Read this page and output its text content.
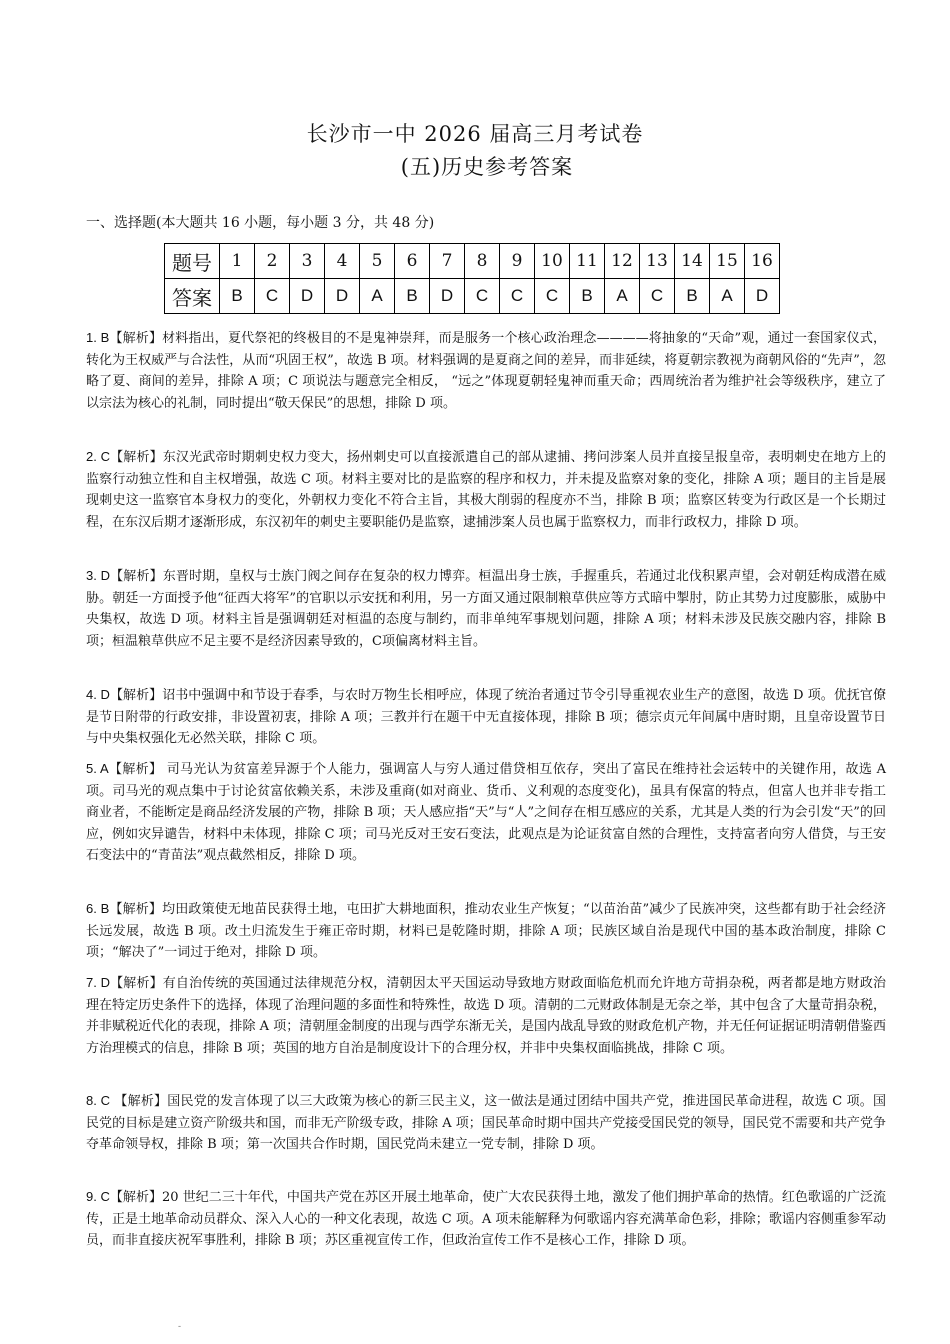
长沙市一中 2026 届高三月考试卷
(五)历史参考答案
一、选择题(本大题共 16 小题，每小题 3 分，共 48 分)
题号	1	2	3	4	5	6	7	8	9	10	11	12	13	14	15	16
答案	B	C	D	D	A	B	D	C	C	C	B	A	C	B	A	D
1. B【解析】材料指出，夏代祭祀的终极目的不是鬼神崇拜，而是服务一个核心政治理念————将抽象的“天命”观，通过一套国家仪式，转化为王权威严与合法性，从而“巩固王权”，故选 B 项。材料强调的是夏商之间的差异，而非延续，将夏朝宗教视为商朝风俗的“先声”，忽略了夏、商间的差异，排除 A 项；C 项说法与题意完全相反， “远之”体现夏朝轻鬼神而重天命；西周统治者为维护社会等级秩序，建立了以宗法为核心的礼制，同时提出“敬天保民”的思想，排除 D 项。
2. C【解析】东汉光武帝时期刺史权力变大，扬州刺史可以直接派遣自己的部从逮捕、拷问涉案人员并直接呈报皇帝，表明刺史在地方上的监察行动独立性和自主权增强，故选 C 项。材料主要对比的是监察的程序和权力，并未提及监察对象的变化，排除 A 项；题目的主旨是展现刺史这一监察官本身权力的变化，外朝权力变化不符合主旨，其极大削弱的程度亦不当，排除 B 项；监察区转变为行政区是一个长期过程，在东汉后期才逐渐形成，东汉初年的刺史主要职能仍是监察，逮捕涉案人员也属于监察权力，而非行政权力，排除 D 项。
3. D【解析】东晋时期，皇权与士族门阀之间存在复杂的权力博弈。桓温出身士族，手握重兵，若通过北伐积累声望，会对朝廷构成潜在威胁。朝廷一方面授予他“征西大将军”的官职以示安抚和利用，另一方面又通过限制粮草供应等方式暗中掣肘，防止其势力过度膨胀，威胁中央集权，故选 D 项。材料主旨是强调朝廷对桓温的态度与制约，而非单纯军事规划问题，排除 A 项；材料未涉及民族交融内容，排除 B 项；桓温粮草供应不足主要不是经济因素导致的，C项偏离材料主旨。
4. D【解析】诏书中强调中和节设于春季，与农时万物生长相呼应，体现了统治者通过节令引导重视农业生产的意图，故选 D 项。优抚官僚是节日附带的行政安排，非设置初衷，排除 A 项；三教并行在题干中无直接体现，排除 B 项；德宗贞元年间属中唐时期，且皇帝设置节日与中央集权强化无必然关联，排除 C 项。
5. A【解析】 司马光认为贫富差异源于个人能力，强调富人与穷人通过借贷相互依存，突出了富民在维持社会运转中的关键作用，故选 A 项。司马光的观点集中于讨论贫富依赖关系，未涉及重商(如对商业、货币、义利观的态度变化)，虽具有保富的特点，但富人也并非专指工商业者，不能断定是商品经济发展的产物，排除 B 项；天人感应指“天”与“人”之间存在相互感应的关系，尤其是人类的行为会引发“天”的回应，例如灾异谴告，材料中未体现，排除 C 项；司马光反对王安石变法，此观点是为论证贫富自然的合理性，支持富者向穷人借贷，与王安石变法中的“青苗法”观点截然相反，排除 D 项。
6. B【解析】均田政策使无地苗民获得土地，屯田扩大耕地面积，推动农业生产恢复；“以苗治苗”减少了民族冲突，这些都有助于社会经济长远发展，故选 B 项。改土归流发生于雍正帝时期，材料已是乾隆时期，排除 A 项；民族区域自治是现代中国的基本政治制度，排除 C 项；“解决了”一词过于绝对，排除 D 项。
7. D【解析】有自治传统的英国通过法律规范分权，清朝因太平天国运动导致地方财政面临危机而允许地方苛捐杂税，两者都是地方财政治理在特定历史条件下的选择，体现了治理问题的多面性和特殊性，故选 D 项。清朝的二元财政体制是无奈之举，其中包含了大量苛捐杂税，并非赋税近代化的表现，排除 A 项；清朝厘金制度的出现与西学东渐无关，是国内战乱导致的财政危机产物，并无任何证据证明清朝借鉴西方治理模式的信息，排除 B 项；英国的地方自治是制度设计下的合理分权，并非中央集权面临挑战，排除 C 项。
8. C 【解析】国民党的发言体现了以三大政策为核心的新三民主义，这一做法是通过团结中国共产党，推进国民革命进程，故选 C 项。国民党的目标是建立资产阶级共和国，而非无产阶级专政，排除 A 项；国民革命时期中国共产党接受国民党的领导，国民党不需要和共产党争夺革命领导权，排除 B 项；第一次国共合作时期，国民党尚未建立一党专制，排除 D 项。
9. C【解析】20 世纪二三十年代，中国共产党在苏区开展土地革命，使广大农民获得土地，激发了他们拥护革命的热情。红色歌谣的广泛流传，正是土地革命动员群众、深入人心的一种文化表现，故选 C 项。A 项未能解释为何歌谣内容充满革命色彩，排除；歌谣内容侧重参军动员，而非直接庆祝军事胜利，排除 B 项；苏区重视宣传工作，但政治宣传工作不是核心工作，排除 D 项。
-
